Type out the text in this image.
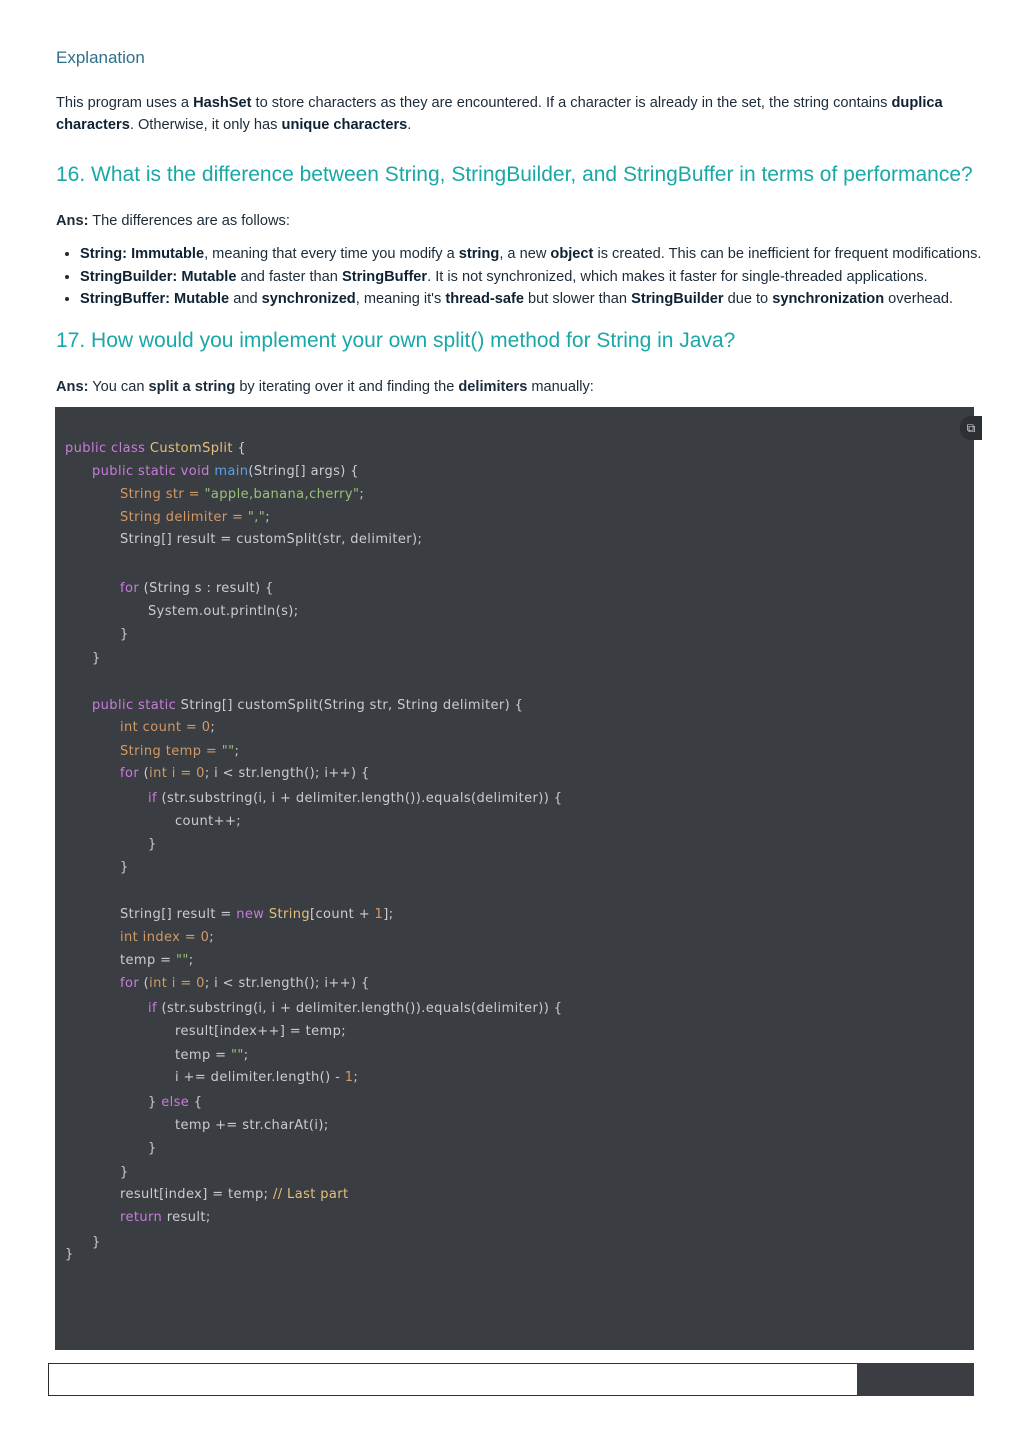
Explanation

This program uses a HashSet to store characters as they are encountered. If a character is already in the set, the string contains duplica
characters. Otherwise, it only has unique characters.

16. What is the difference between String, StringBuilder, and StringBuffer in terms of performance?

Ans: The differences are as follows:

• String: Immutable, meaning that every time you modify a string, a new object is created. This can be inefficient for frequent modifications.
• StringBuilder: Mutable and faster than StringBuffer. It is not synchronized, which makes it faster for single-threaded applications.
• StringBuffer: Mutable and synchronized, meaning it's thread-safe but slower than StringBuilder due to synchronization overhead.
17. How would you implement your own split() method for String in Java?

Ans: You can split a string by iterating over it and finding the delimiters manually:

public class CustomSplit {
public static void main(String[] args) {
String str = "apple,banana,cherry";
String delimiter = ",";
String[] result = customSplit(str, delimiter);
for (String s : result) {
System.out.println(s);
}
}
public static String[] customSplit(String str, String delimiter) {
int count = 0;
String temp = "";
for (int i = 0; i < str.length(); i++) {
if (str.substring(i, i + delimiter.length()).equals(delimiter)) {
count++;
}
}
String[] result = new String[count + 1];
int index = 0;
temp = "";
for (int i = 0; i < str.length(); i++) {
if (str.substring(i, i + delimiter.length()).equals(delimiter)) {
result[index++] = temp;
temp = "";
i += delimiter.length() - 1;
} else {
temp += str.charAt(i);
}
}
result[index] = temp; // Last part
return result;
}
}
⧉
